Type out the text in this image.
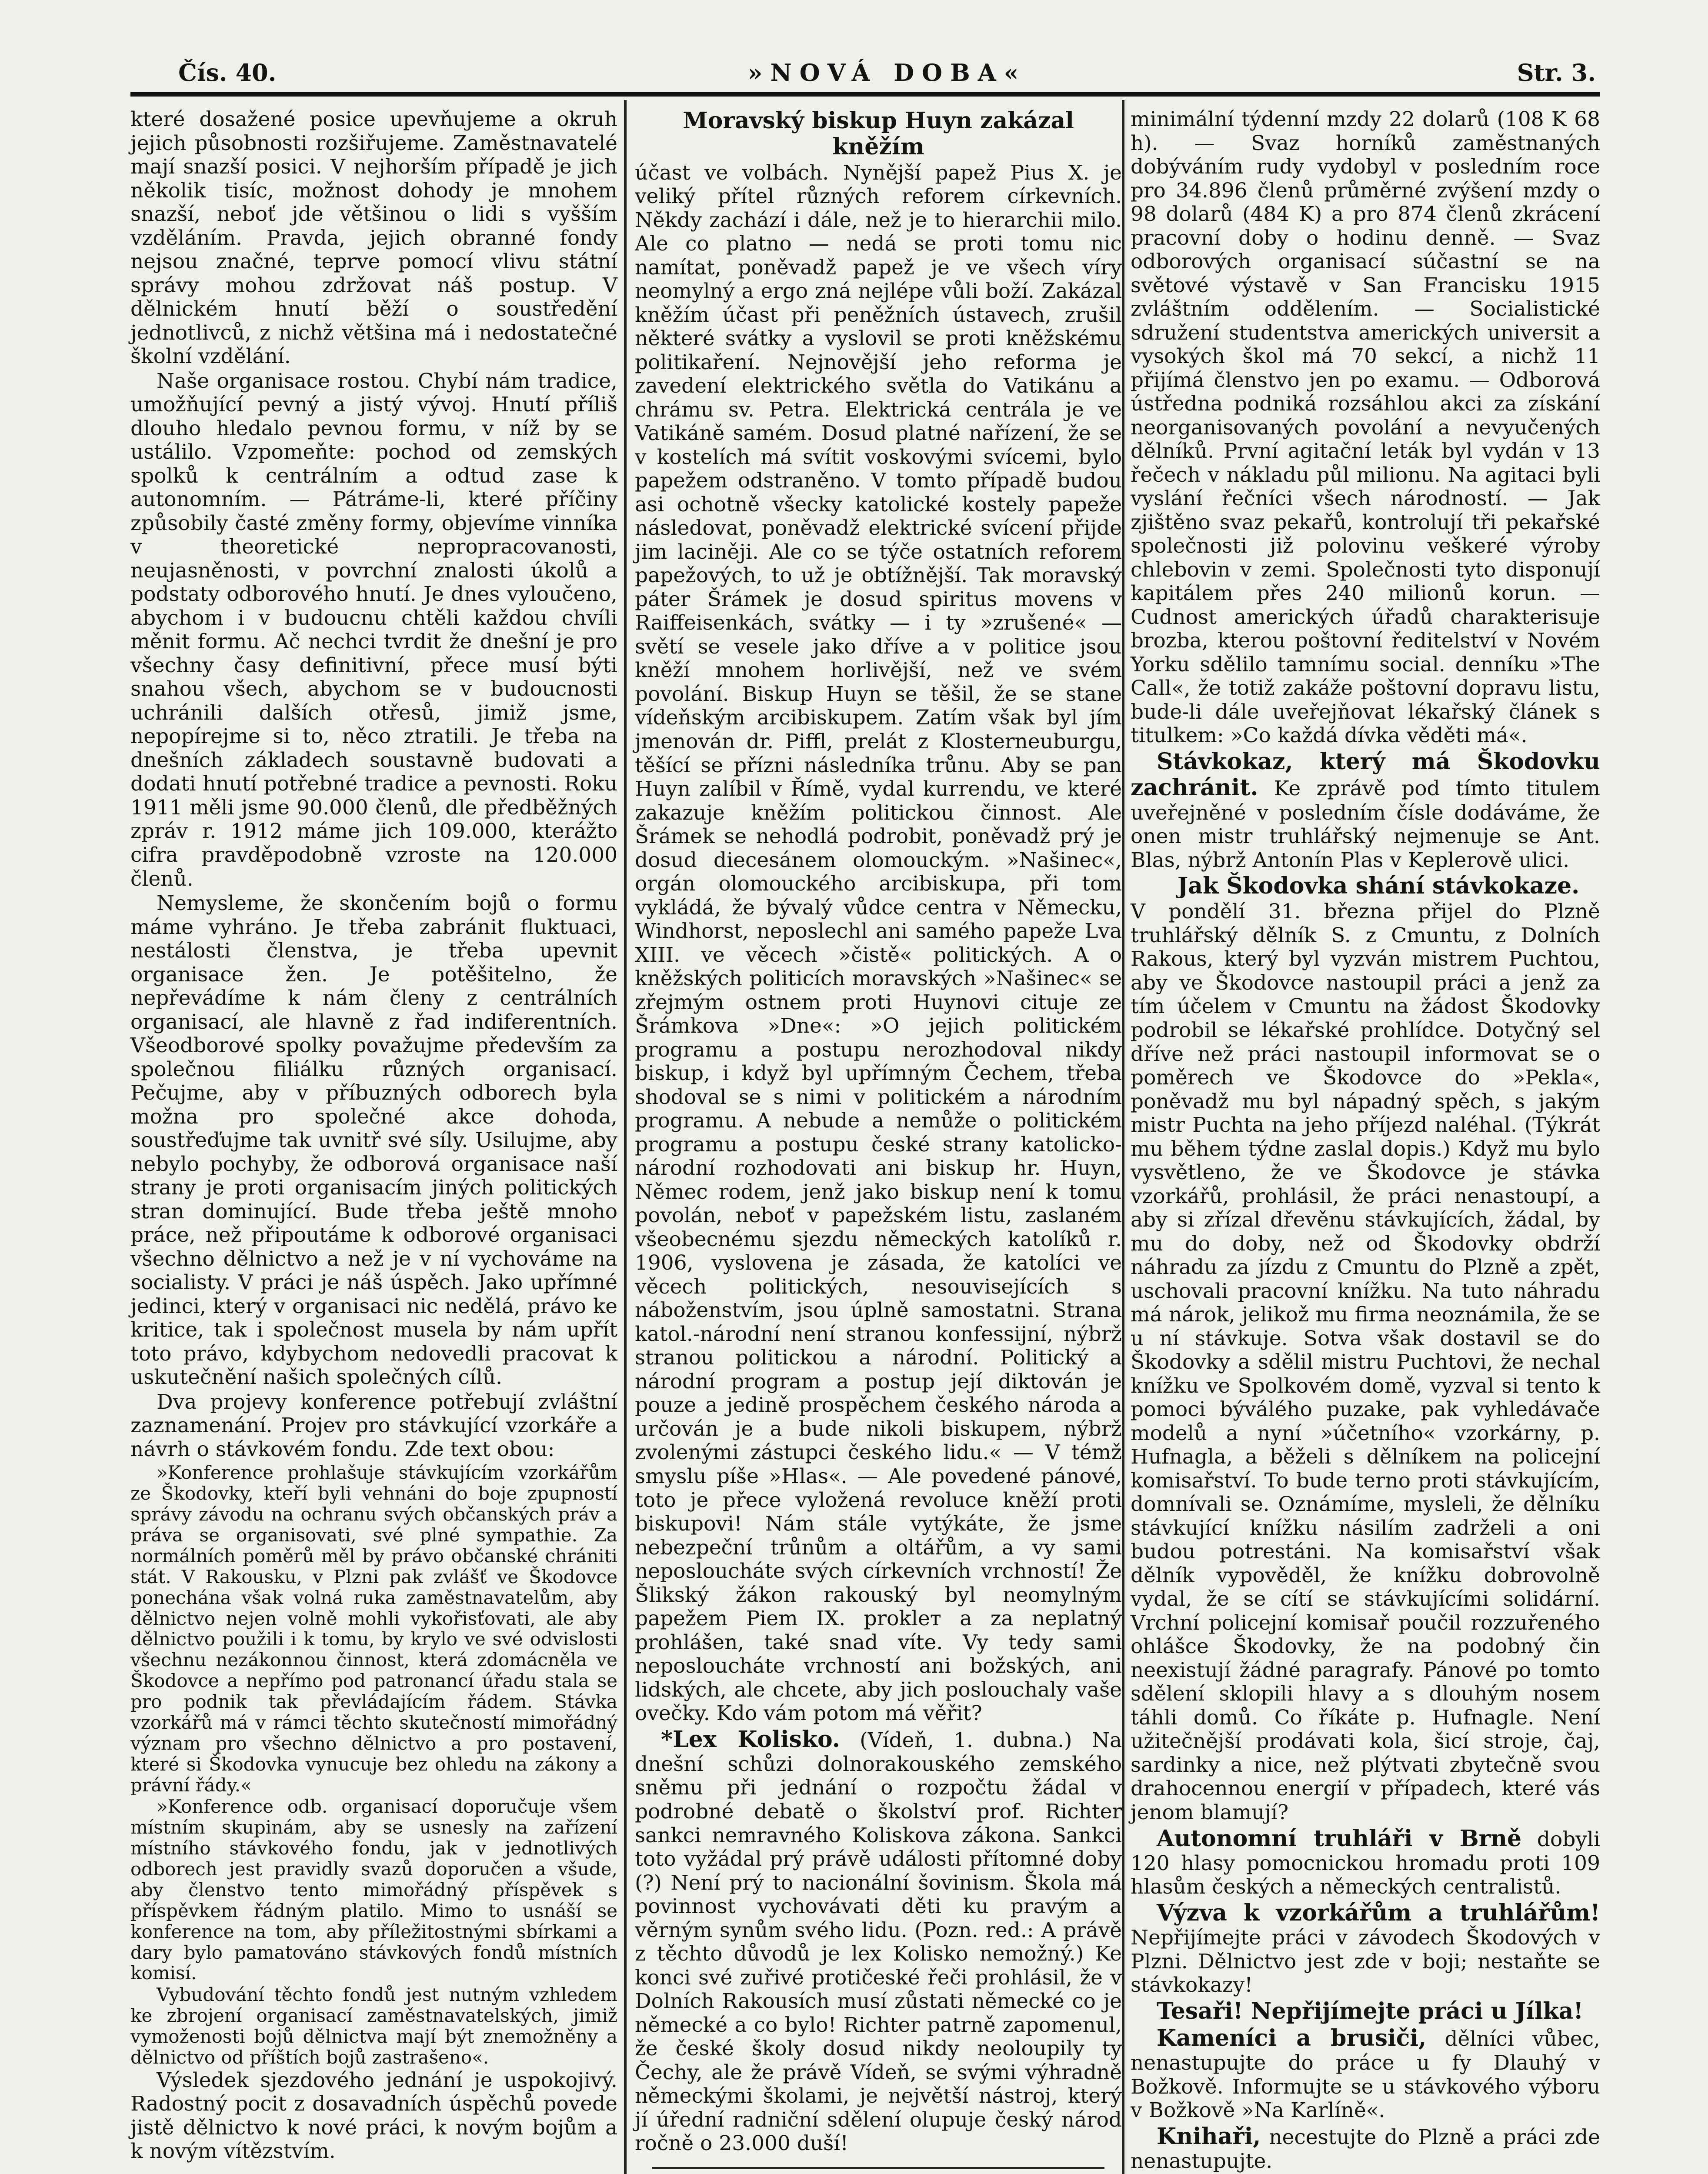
Čís. 40.	»NOVÁ DOBA«	Str. 3.

které dosažené posice upevňujeme a okruh jejich působnosti rozšiřujeme. Zaměstnavatelé mají snazší posici. V nejhorším případě je jich několik tisíc, možnost dohody je mnohem snazší, neboť jde většinou o lidi s vyšším vzděláním. Pravda, jejich obranné fondy nejsou značné, teprve pomocí vlivu státní správy mohou zdržovat náš postup. V dělnickém hnutí běží o soustředění jednotlivců, z nichž většina má i nedostatečné školní vzdělání.

Naše organisace rostou. Chybí nám tradice, umožňující pevný a jistý vývoj. Hnutí příliš dlouho hledalo pevnou formu, v níž by se ustálilo. Vzpomeňte: pochod od zemských spolků k centrálním a odtud zase k autonomním. — Pátráme-li, které příčiny způsobily časté změny formy, objevíme vinníka v theoretické nepropracovanosti, neujasněnosti, v povrchní znalosti úkolů a podstaty odborového hnutí. Je dnes vyloučeno, abychom i v budoucnu chtěli každou chvíli měnit formu. Ač nechci tvrdit že dnešní je pro všechny časy definitivní, přece musí býti snahou všech, abychom se v budoucnosti uchránili dalších otřesů, jimiž jsme, nepopírejme si to, něco ztratili. Je třeba na dnešních základech soustavně budovati a dodati hnutí potřebné tradice a pevnosti. Roku 1911 měli jsme 90.000 členů, dle předběžných zpráv r. 1912 máme jich 109.000, kterážto cifra pravděpodobně vzroste na 120.000 členů.

Nemysleme, že skončením bojů o formu máme vyhráno. Je třeba zabránit fluktuaci, nestálosti členstva, je třeba upevnit organisace žen. Je potěšitelno, že nepřevádíme k nám členy z centrálních organisací, ale hlavně z řad indiferentních. Všeodborové spolky považujme především za společnou filiálku různých organisací. Pečujme, aby v příbuzných odborech byla možna pro společné akce dohoda, soustřeďujme tak uvnitř své síly. Usilujme, aby nebylo pochyby, že odborová organisace naší strany je proti organisacím jiných politických stran dominující. Bude třeba ještě mnoho práce, než připoutáme k odborové organisaci všechno dělnictvo a než je v ní vychováme na socialisty. V práci je náš úspěch. Jako upřímné jedinci, který v organisaci nic nedělá, právo ke kritice, tak i společnost musela by nám upřít toto právo, kdybychom nedovedli pracovat k uskutečnění našich společných cílů.

Dva projevy konference potřebují zvláštní zaznamenání. Projev pro stávkující vzorkáře a návrh o stávkovém fondu. Zde text obou:

»Konference prohlašuje stávkujícím vzorkářům ze Škodovky, kteří byli vehnáni do boje zpupností správy závodu na ochranu svých občanských práv a práva se organisovati, své plné sympathie. Za normálních poměrů měl by právo občanské chrániti stát. V Rakousku, v Plzni pak zvlášť ve Škodovce ponechána však volná ruka zaměstnavatelům, aby dělnictvo nejen volně mohli vykořisťovati, ale aby dělnictvo použili i k tomu, by krylo ve své odvislosti všechnu nezákonnou činnost, která zdomácněla ve Škodovce a nepřímo pod patronancí úřadu stala se pro podnik tak převládajícím řádem. Stávka vzorkářů má v rámci těchto skutečností mimořádný význam pro všechno dělnictvo a pro postavení, které si Škodovka vynucuje bez ohledu na zákony a právní řády.«

»Konference odb. organisací doporučuje všem místním skupinám, aby se usnesly na zařízení místního stávkového fondu, jak v jednotlivých odborech jest pravidly svazů doporučen a všude, aby členstvo tento mimořádný příspěvek s příspěvkem řádným platilo. Mimo to usnáší se konference na tom, aby příležitostnými sbírkami a dary bylo pamatováno stávkových fondů místních komisí.

Vybudování těchto fondů jest nutným vzhledem ke zbrojení organisací zaměstnavatelských, jimiž vymoženosti bojů dělnictva mají být znemožněny a dělnictvo od příštích bojů zastrašeno«.

Výsledek sjezdového jednání je uspokojivý. Radostný pocit z dosavadních úspěchů povede jistě dělnictvo k nové práci, k novým bojům a k novým vítězstvím.

Moravský biskup Huyn zakázal kněžím

účast ve volbách. Nynější papež Pius X. je veliký přítel různých reforem církevních. Někdy zachází i dále, než je to hierarchii milo. Ale co platno — nedá se proti tomu nic namítat, poněvadž papež je ve všech víry neomylný a ergo zná nejlépe vůli boží. Zakázal kněžím účast při peněžních ústavech, zrušil některé svátky a vyslovil se proti kněžskému politikaření. Nejnovější jeho reforma je zavedení elektrického světla do Vatikánu a chrámu sv. Petra. Elektrická centrála je ve Vatikáně samém. Dosud platné nařízení, že se v kostelích má svítit voskovými svícemi, bylo papežem odstraněno. V tomto případě budou asi ochotně všecky katolické kostely papeže následovat, poněvadž elektrické svícení přijde jim laciněji. Ale co se týče ostatních reforem papežových, to už je obtížnější. Tak moravský páter Šrámek je dosud spiritus movens v Raiffeisenkách, svátky — i ty »zrušené« — světí se vesele jako dříve a v politice jsou kněží mnohem horlivější, než ve svém povolání. Biskup Huyn se těšil, že se stane vídeňským arcibiskupem. Zatím však byl jím jmenován dr. Piffl, prelát z Klosterneuburgu, těšící se přízni následníka trůnu. Aby se pan Huyn zalíbil v Římě, vydal kurrendu, ve které zakazuje kněžím politickou činnost. Ale Šrámek se nehodlá podrobit, poněvadž prý je dosud diecesánem olomouckým. »Našinec«, orgán olomouckého arcibiskupa, při tom vykládá, že bývalý vůdce centra v Německu, Windhorst, neposlechl ani samého papeže Lva XIII. ve věcech »čistě« politických. A o kněžských politicích moravských »Našinec« se zřejmým ostnem proti Huynovi cituje ze Šrámkova »Dne«: »O jejich politickém programu a postupu nerozhodoval nikdy biskup, i když byl upřímným Čechem, třeba shodoval se s nimi v politickém a národním programu. A nebude a nemůže o politickém programu a postupu české strany katolicko-národní rozhodovati ani biskup hr. Huyn, Němec rodem, jenž jako biskup není k tomu povolán, neboť v papežském listu, zaslaném všeobecnému sjezdu německých katolíků r. 1906, vyslovena je zásada, že katolíci ve věcech politických, nesouvisejících s náboženstvím, jsou úplně samostatni. Strana katol.-národní není stranou konfessijní, nýbrž stranou politickou a národní. Politický a národní program a postup její diktován je pouze a jedině prospěchem českého národa a určován je a bude nikoli biskupem, nýbrž zvolenými zástupci českého lidu.« — V témž smyslu píše »Hlas«. — Ale povedené pánové, toto je přece vyložená revoluce kněží proti biskupovi! Nám stále vytýkáte, že jsme nebezpeční trůnům a oltářům, a vy sami neposloucháte svých církevních vrchností! Že Šlikský žákon rakouský byl neomylným papežem Piem IX. prokleт a za neplatný prohlášen, také snad víte. Vy tedy sami neposloucháte vrchností ani božských, ani lidských, ale chcete, aby jich poslouchaly vaše ovečky. Kdo vám potom má věřit?

*Lex Kolisko. (Vídeň, 1. dubna.) Na dnešní schůzi dolnorakouského zemského sněmu při jednání o rozpočtu žádal v podrobné debatě o školství prof. Richter sankci nemravného Koliskova zákona. Sankci toto vyžádal prý právě události přítomné doby (?) Není prý to nacionální šovinism. Škola má povinnost vychovávati děti ku pravým a věrným synům svého lidu. (Pozn. red.: A právě z těchto důvodů je lex Kolisko nemožný.) Ke konci své zuřivé protičeské řeči prohlásil, že v Dolních Rakousích musí zůstati německé co je německé a co bylo! Richter patrně zapomenul, že české školy dosud nikdy neoloupily ty Čechy, ale že právě Vídeň, se svými výhradně německými školami, je největší nástroj, který jí úřední radniční sdělení olupuje český národ ročně o 23.000 duší!

minimální týdenní mzdy 22 dolarů (108 K 68 h). — Svaz horníků zaměstnaných dobýváním rudy vydobyl v posledním roce pro 34.896 členů průměrné zvýšení mzdy o 98 dolarů (484 K) a pro 874 členů zkrácení pracovní doby o hodinu denně. — Svaz odborových organisací súčastní se na světové výstavě v San Francisku 1915 zvláštním oddělením. — Socialistické sdružení studentstva amerických universit a vysokých škol má 70 sekcí, a nichž 11 přijímá členstvo jen po examu. — Odborová ústředna podniká rozsáhlou akci za získání neorganisovaných povolání a nevyučených dělníků. První agitační leták byl vydán v 13 řečech v nákladu půl milionu. Na agitaci byli vyslání řečníci všech národností. — Jak zjištěno svaz pekařů, kontrolují tři pekařské společnosti již polovinu veškeré výroby chlebovin v zemi. Společnosti tyto disponují kapitálem přes 240 milionů korun. — Cudnost amerických úřadů charakterisuje brozba, kterou poštovní ředitelství v Novém Yorku sdělilo tamnímu social. denníku »The Call«, že totiž zakáže poštovní dopravu listu, bude-li dále uveřejňovat lékařský článek s titulkem: »Co každá dívka věděti má«.

Stávkokaz, který má Škodovku zachránit. Ke zprávě pod tímto titulem uveřejněné v posledním čísle dodáváme, že onen mistr truhlářský nejmenuje se Ant. Blas, nýbrž Antonín Plas v Keplerově ulici.

Jak Škodovka shání stávkokaze.

V pondělí 31. března přijel do Plzně truhlářský dělník S. z Cmuntu, z Dolních Rakous, který byl vyzván mistrem Puchtou, aby ve Škodovce nastoupil práci a jenž za tím účelem v Cmuntu na žádost Škodovky podrobil se lékařské prohlídce. Dotyčný sel dříve než práci nastoupil informovat se o poměrech ve Škodovce do »Pekla«, poněvadž mu byl nápadný spěch, s jakým mistr Puchta na jeho příjezd naléhal. (Týkrát mu během týdne zaslal dopis.) Když mu bylo vysvětleno, že ve Škodovce je stávka vzorkářů, prohlásil, že práci nenastoupí, a aby si zřízal dřevěnu stávkujících, žádal, by mu do doby, než od Škodovky obdrží náhradu za jízdu z Cmuntu do Plzně a zpět, uschovali pracovní knížku. Na tuto náhradu má nárok, jelikož mu firma neoznámila, že se u ní stávkuje. Sotva však dostavil se do Škodovky a sdělil mistru Puchtovi, že nechal knížku ve Spolkovém domě, vyzval si tento k pomoci býválého puzake, pak vyhledávače modelů a nyní »účetního« vzorkárny, p. Hufnagla, a běželi s dělníkem na policejní komisařství. To bude terno proti stávkujícím, domnívali se. Oznámíme, mysleli, že dělníku stávkující knížku násilím zadrželi a oni budou potrestáni. Na komisařství však dělník vypověděl, že knížku dobrovolně vydal, že se cítí se stávkujícími solidární. Vrchní policejní komisař poučil rozzuřeného ohlášce Škodovky, že na podobný čin neexistují žádné paragrafy. Pánové po tomto sdělení sklopili hlavy a s dlouhým nosem táhli domů. Co říkáte p. Hufnagle. Není užitečnější prodávati kola, šicí stroje, čaj, sardinky a nice, než plýtvati zbytečně svou drahocennou energií v případech, které vás jenom blamují?

Autonomní truhláři v Brně dobyli 120 hlasy pomocnickou hromadu proti 109 hlasům českých a německých centralistů.

Výzva k vzorkářům a truhlářům! Nepřijímejte práci v závodech Škodových v Plzni. Dělnictvo jest zde v boji; nestaňte se stávkokazy!

Tesaři! Nepřijímejte práci u Jílka!

Kameníci a brusiči, dělníci vůbec, nenastupujte do práce u fy Dlauhý v Božkově. Informujte se u stávkového výboru v Božkově »Na Karlíně«.

Knihaři, necestujte do Plzně a práci zde nenastupujte.
